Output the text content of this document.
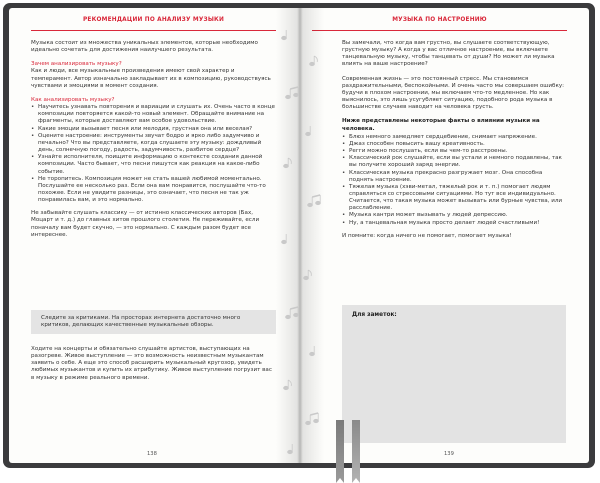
РЕКОМЕНДАЦИИ ПО АНАЛИЗУ МУЗЫКИ

Музыка состоит из множества уникальных элементов, которые необходимо идеально сочетать для достижения наилучшего результата.

Зачем анализировать музыку?

Как и люди, все музыкальные произведения имеют свой характер и темперамент. Автор изначально закладывает их в композицию, руководствуясь чувствами и эмоциями в момент создания.

Как анализировать музыку?

• Научитесь узнавать повторения и вариации и слушать их. Очень часто в конце композиции повторяется какой-то новый элемент. Обращайте внимание на фрагменты, которые доставляют вам особое удовольствие.
• Какие эмоции вызывает песня или мелодия, грустная она или веселая?
• Оцените настроение: инструменты звучат бодро и ярко либо задумчиво и печально? Что вы представляете, когда слушаете эту музыку: дождливый день, солнечную погоду, радость, задумчивость, разбитое сердце?
• Узнайте исполнителя, поищите информацию о контексте создания данной композиции. Часто бывает, что песни пишутся как реакция на какое-либо событие.
• Не торопитесь. Композиция может не стать вашей любимой моментально. Послушайте ее несколько раз. Если она вам понравится, послушайте что-то похожее. Если не увидите разницы, это означает, что песня не так уж понравилась вам, и это нормально.

Не забывайте слушать классику — от истинно классических авторов (Бах, Моцарт и т. д.) до главных хитов прошлого столетия. Не переживайте, если поначалу вам будет скучно, — это нормально. С каждым разом будет все интереснее.

Следите за критиками. На просторах интернета достаточно много критиков, делающих качественные музыкальные обзоры.

Ходите на концерты и обязательно слушайте артистов, выступающих на разогреве. Живое выступление — это возможность неизвестным музыкантам заявить о себе. А еще это способ расширить музыкальный кругозор, увидеть любимых музыкантов и купить их атрибутику. Живое выступление погрузит вас в музыку в режиме реального времени.

138
МУЗЫКА ПО НАСТРОЕНИЮ

Вы замечали, что когда вам грустно, вы слушаете соответствующую, грустную музыку? А когда у вас отличное настроение, вы включаете танцевальную музыку, чтобы танцевать от души? Но может ли музыка влиять на ваше настроение?

Современная жизнь — это постоянный стресс. Мы становимся раздражительными, беспокойными. И очень часто мы совершаем ошибку: будучи в плохом настроении, мы включаем что-то медленное. Но как выяснилось, это лишь усугубляет ситуацию, подобного рода музыка в большинстве случаев наводит на человека грусть.

Ниже представлены некоторые факты о влиянии музыки на человека.

• Блюз немного замедляет сердцебиение, снимает напряжение.
• Джаз способен повысить вашу креативность.
• Регги можно послушать, если вы чем-то расстроены.
• Классический рок слушайте, если вы устали и немного подавлены, так вы получите хороший заряд энергии.
• Классическая музыка прекрасно разгружает мозг. Она способна поднять настроение.
• Тяжелая музыка (хэви-метал, тяжелый рок и т. п.) помогает людям справляться со стрессовыми ситуациями. Но тут все индивидуально. Считается, что такая музыка может вызывать или бурные чувства, или расслабление.
• Музыка кантри может вызывать у людей депрессию.
• Ну, а танцевальная музыка просто делает людей счастливыми!

И помните: когда ничего не помогает, помогает музыка!

Для заметок:
139
